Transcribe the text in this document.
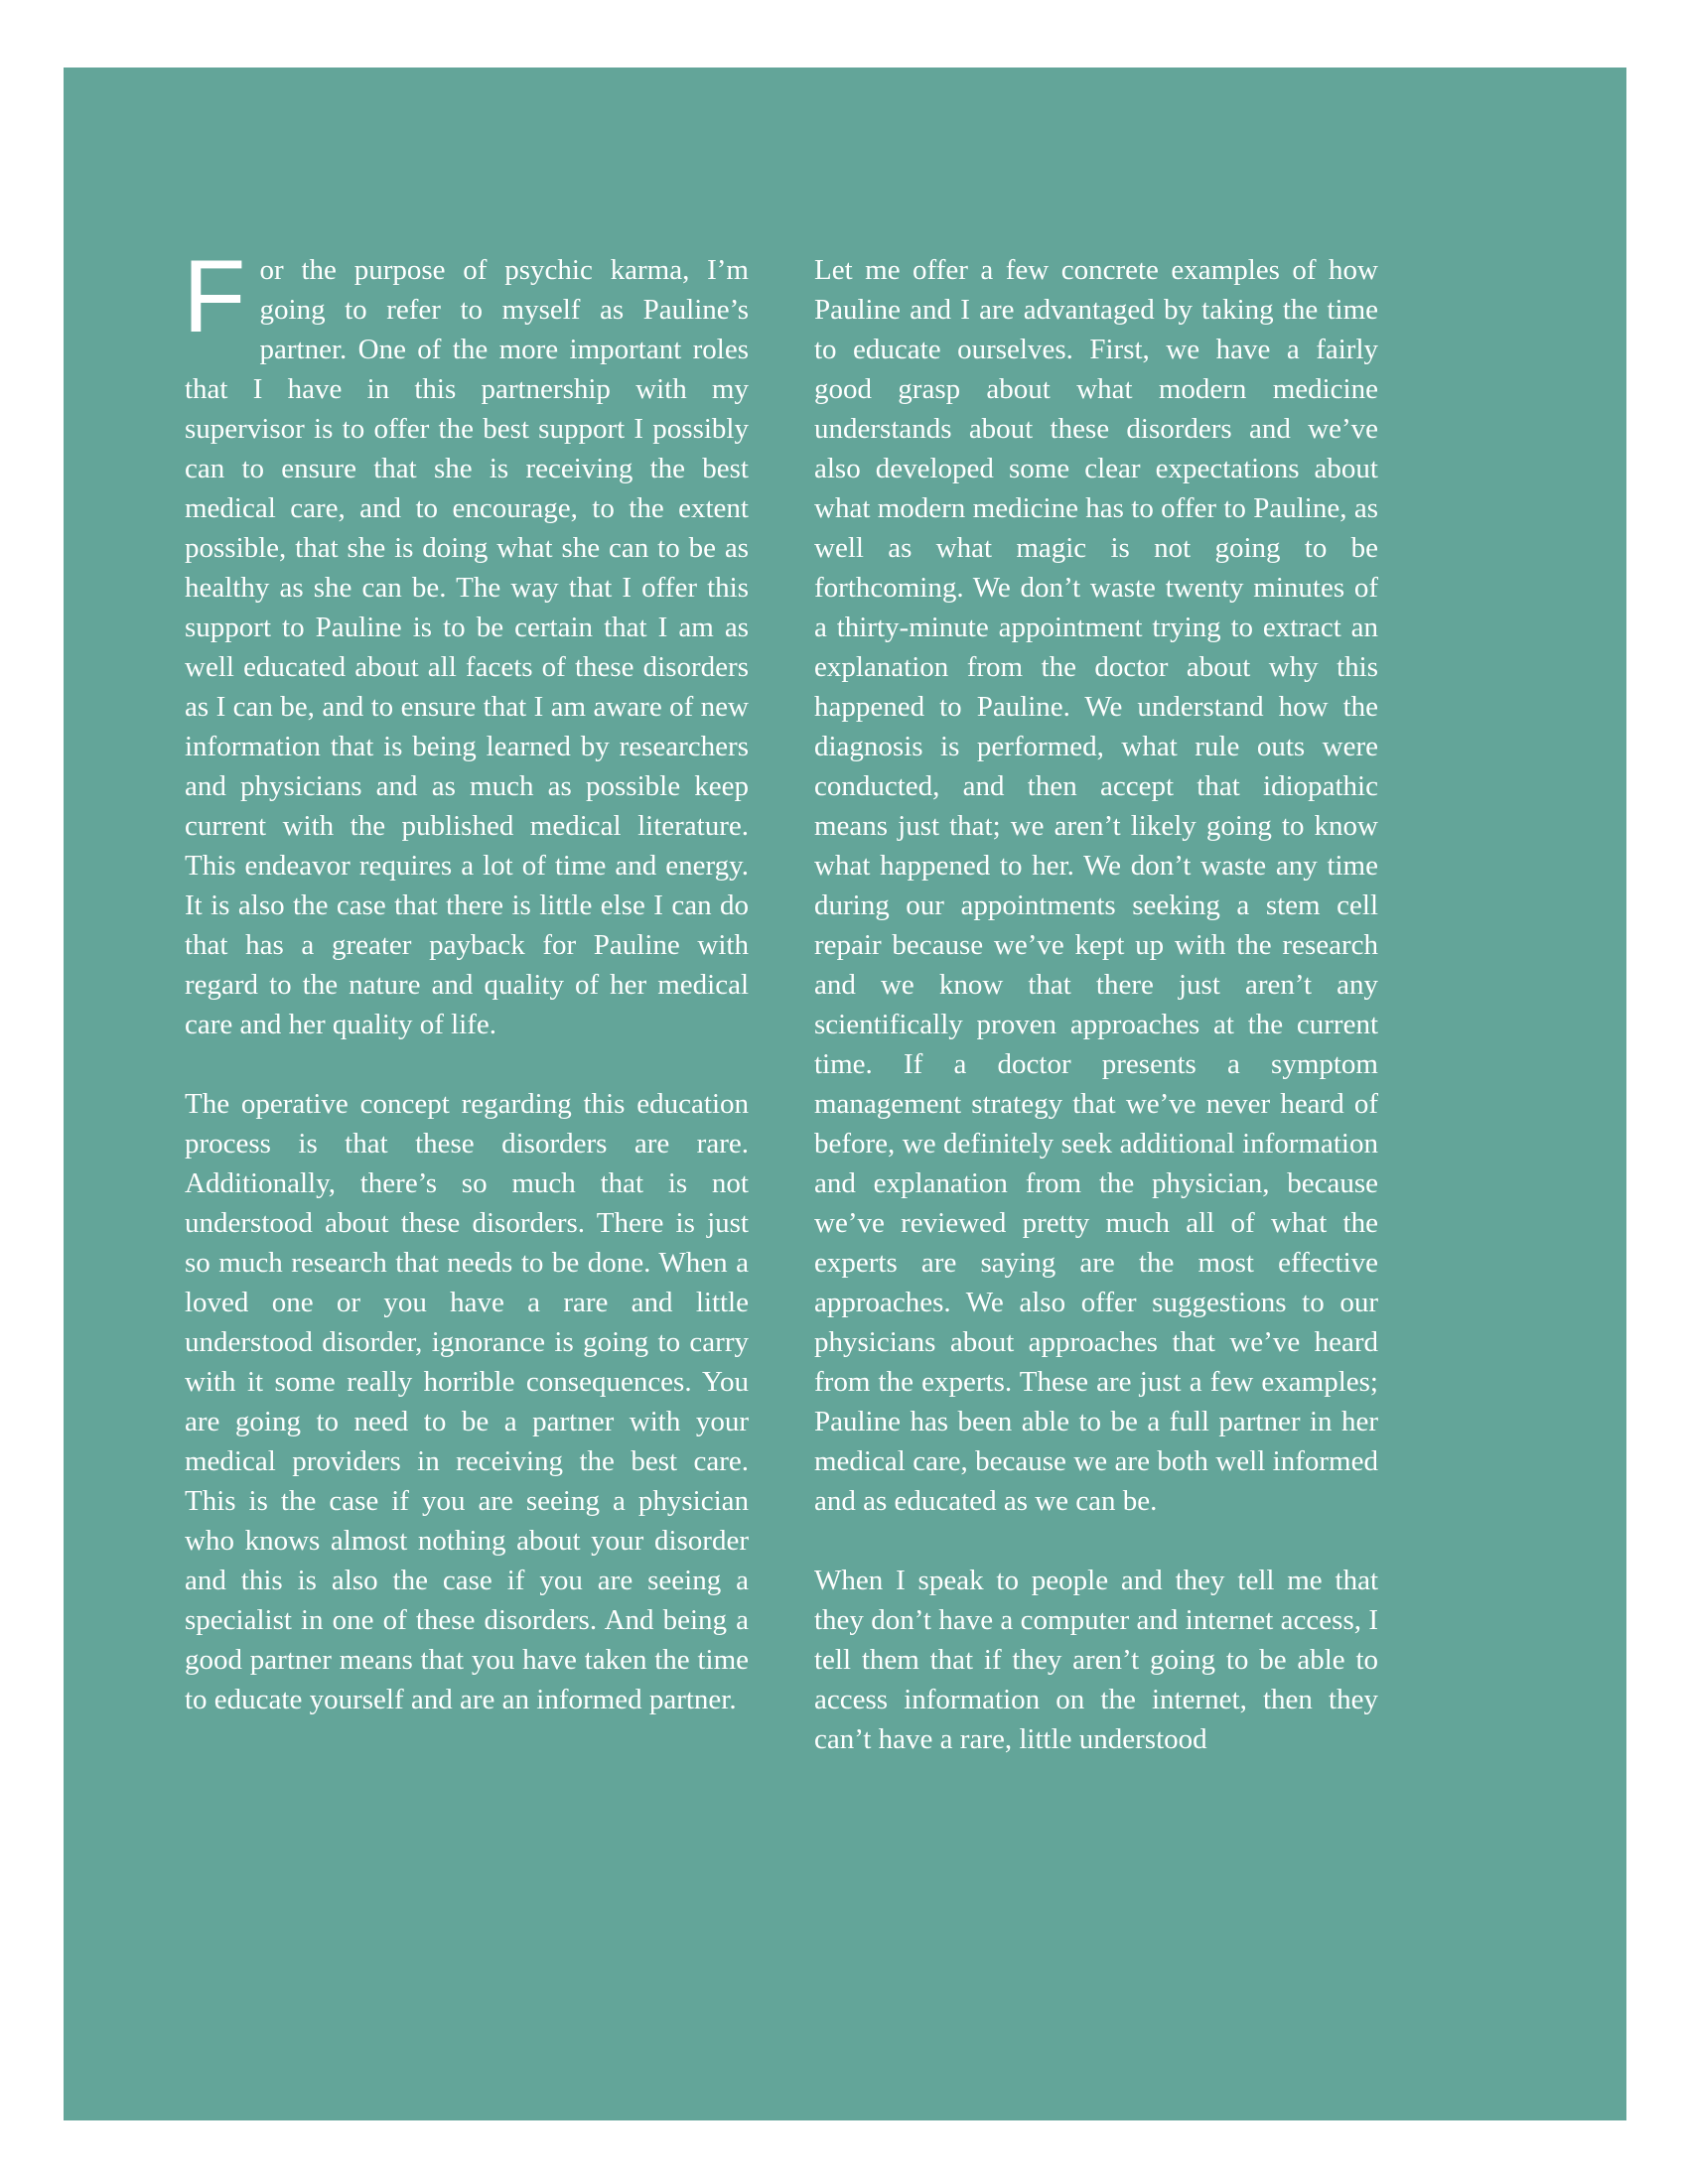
For the purpose of psychic karma, I’m going to refer to myself as Pauline’s partner. One of the more important roles that I have in this partnership with my supervisor is to offer the best support I possibly can to ensure that she is receiving the best medical care, and to encourage, to the extent possible, that she is doing what she can to be as healthy as she can be. The way that I offer this support to Pauline is to be certain that I am as well educated about all facets of these disorders as I can be, and to ensure that I am aware of new information that is being learned by researchers and physicians and as much as possible keep current with the published medical literature. This endeavor requires a lot of time and energy. It is also the case that there is little else I can do that has a greater payback for Pauline with regard to the nature and quality of her medical care and her quality of life.

The operative concept regarding this education process is that these disorders are rare. Additionally, there’s so much that is not understood about these disorders. There is just so much research that needs to be done. When a loved one or you have a rare and little understood disorder, ignorance is going to carry with it some really horrible consequences. You are going to need to be a partner with your medical providers in receiving the best care. This is the case if you are seeing a physician who knows almost nothing about your disorder and this is also the case if you are seeing a specialist in one of these disorders. And being a good partner means that you have taken the time to educate yourself and are an informed partner.

Let me offer a few concrete examples of how Pauline and I are advantaged by taking the time to educate ourselves. First, we have a fairly good grasp about what modern medicine understands about these disorders and we’ve also developed some clear expectations about what modern medicine has to offer to Pauline, as well as what magic is not going to be forthcoming. We don’t waste twenty minutes of a thirty-minute appointment trying to extract an explanation from the doctor about why this happened to Pauline. We understand how the diagnosis is performed, what rule outs were conducted, and then accept that idiopathic means just that; we aren’t likely going to know what happened to her. We don’t waste any time during our appointments seeking a stem cell repair because we’ve kept up with the research and we know that there just aren’t any scientifically proven approaches at the current time. If a doctor presents a symptom management strategy that we’ve never heard of before, we definitely seek additional information and explanation from the physician, because we’ve reviewed pretty much all of what the experts are saying are the most effective approaches. We also offer suggestions to our physicians about approaches that we’ve heard from the experts. These are just a few examples; Pauline has been able to be a full partner in her medical care, because we are both well informed and as educated as we can be.

When I speak to people and they tell me that they don’t have a computer and internet access, I tell them that if they aren’t going to be able to access information on the internet, then they can’t have a rare, little understood
